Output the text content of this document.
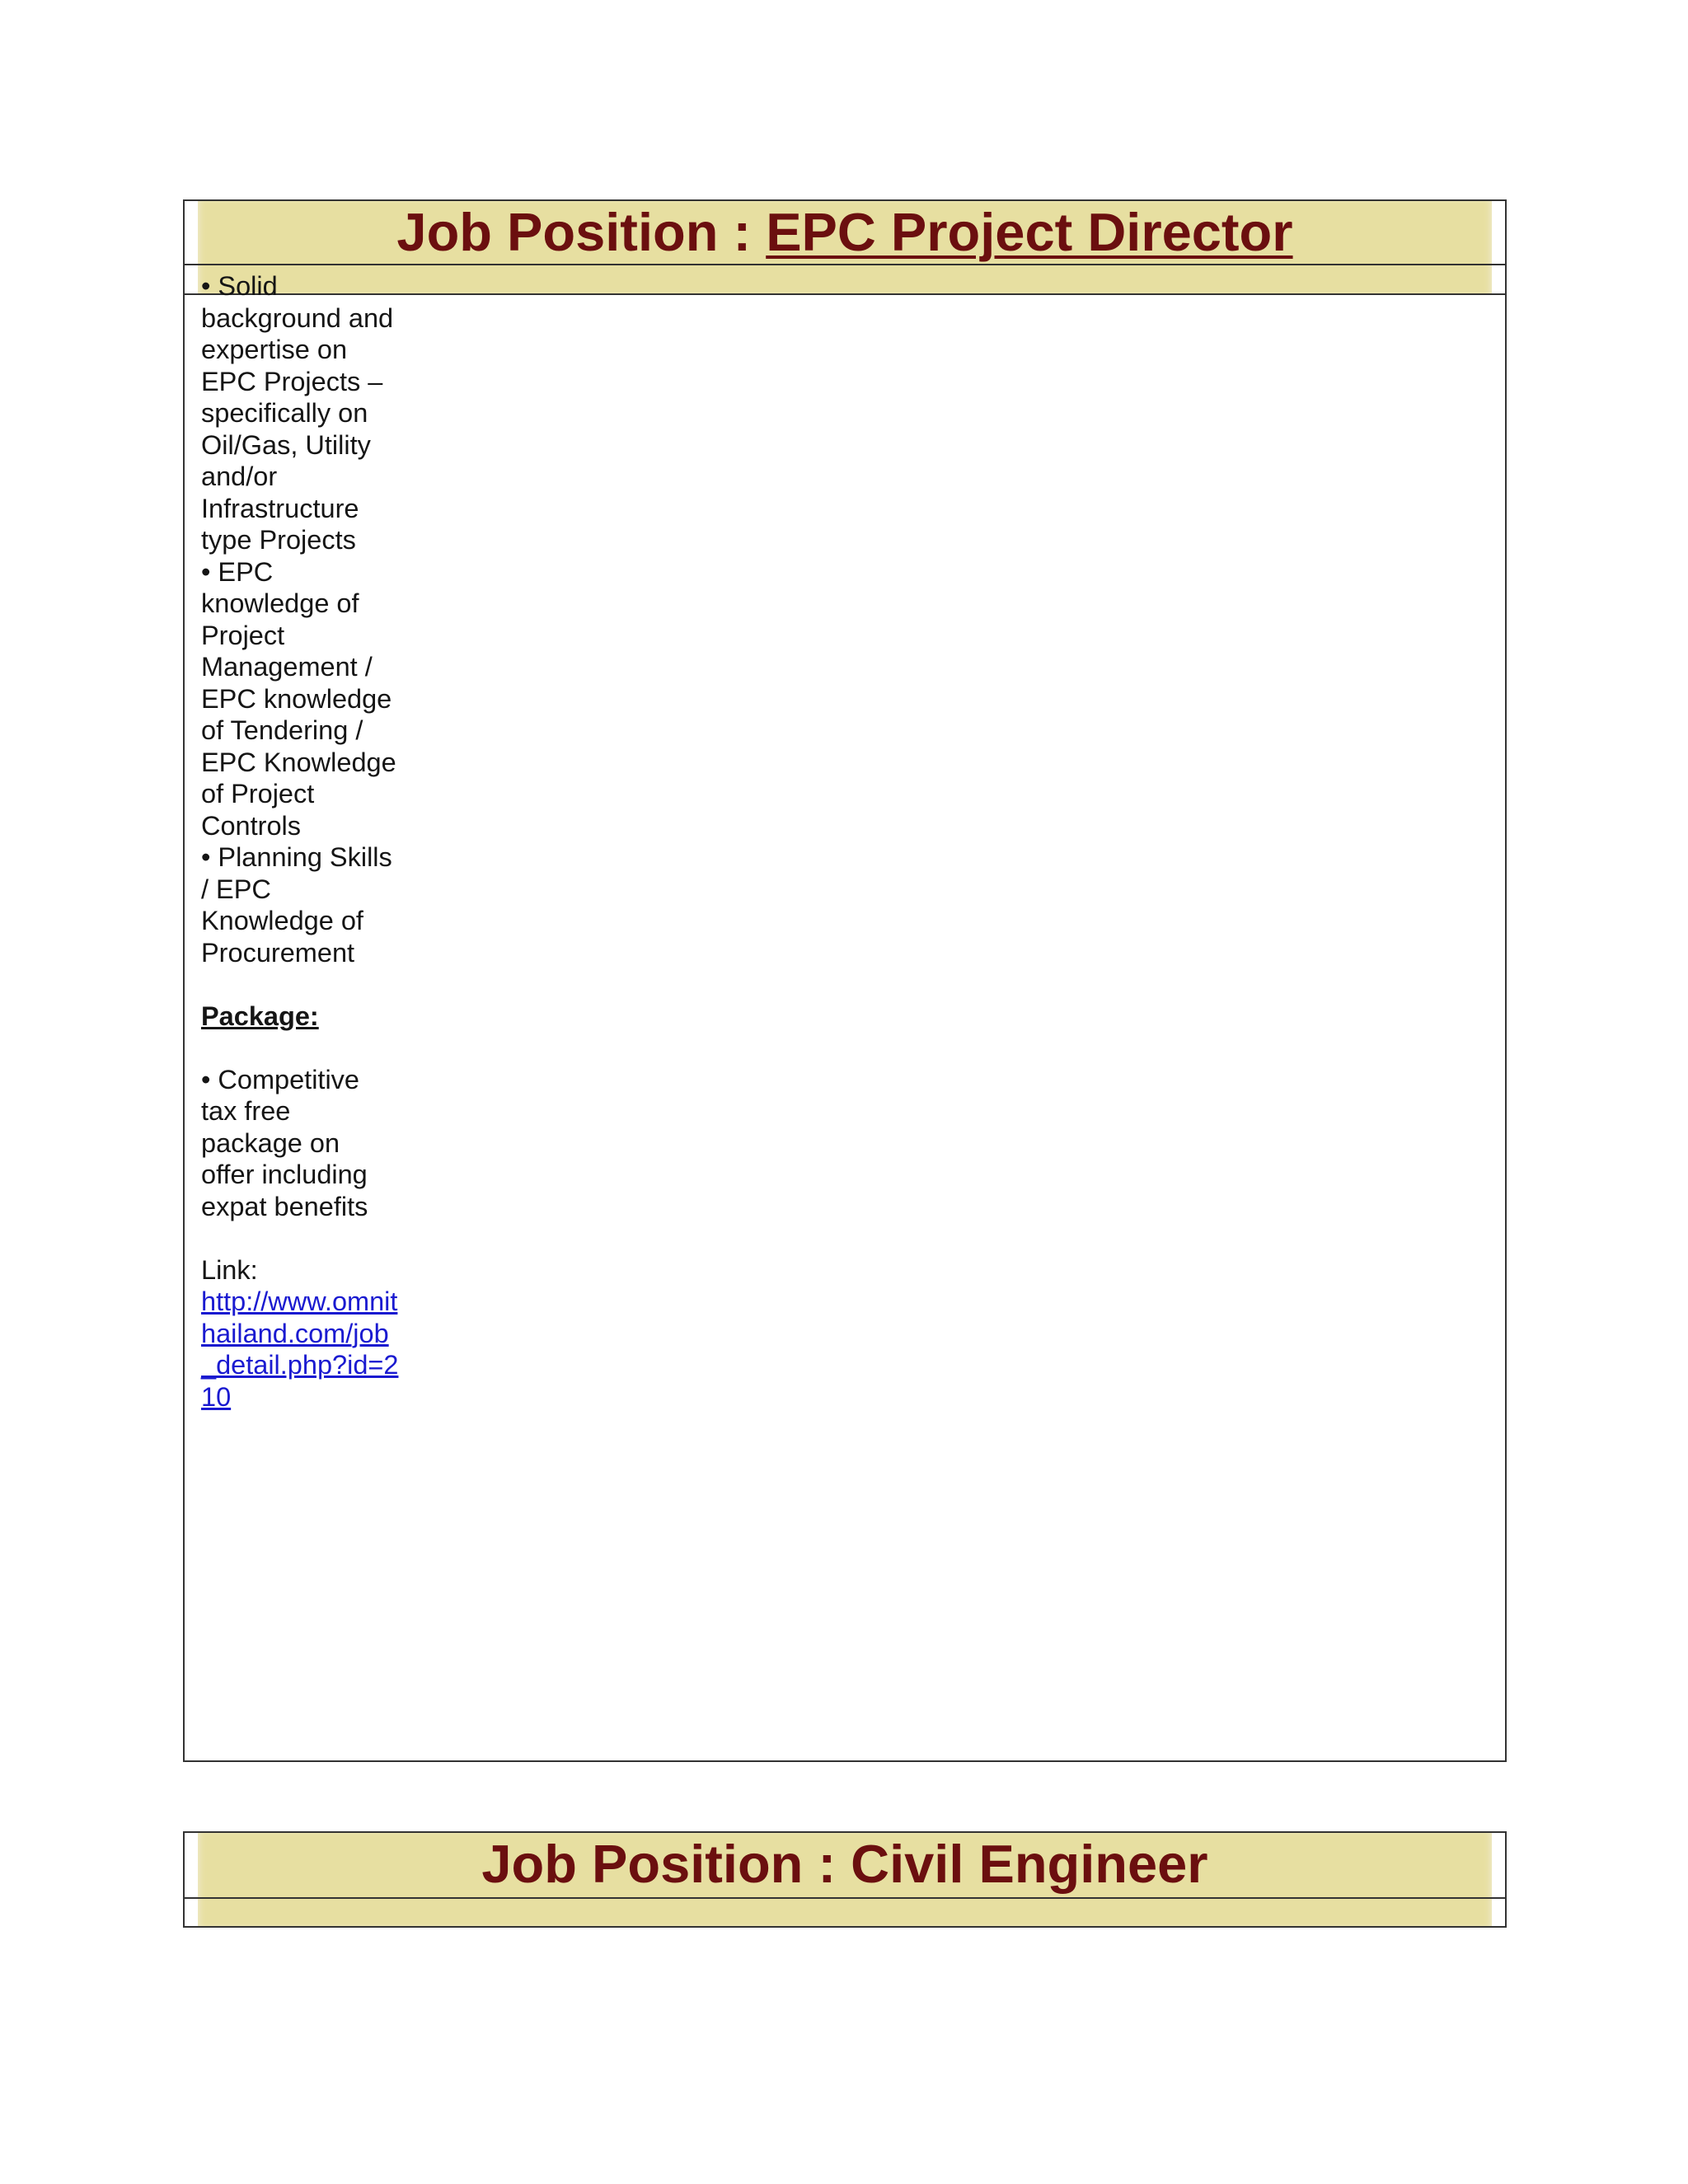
Job Position : EPC Project Director

• Solid background and expertise on EPC Projects – specifically on Oil/Gas, Utility and/or Infrastructure type Projects

• EPC knowledge of Project Management / EPC knowledge of Tendering / EPC Knowledge of Project Controls

• Planning Skills / EPC Knowledge of Procurement

Package:

• Competitive tax free package on offer including expat benefits

Link:

http://www.omnithailand.com/job_detail.php?id=210

Job Position : Civil Engineer
